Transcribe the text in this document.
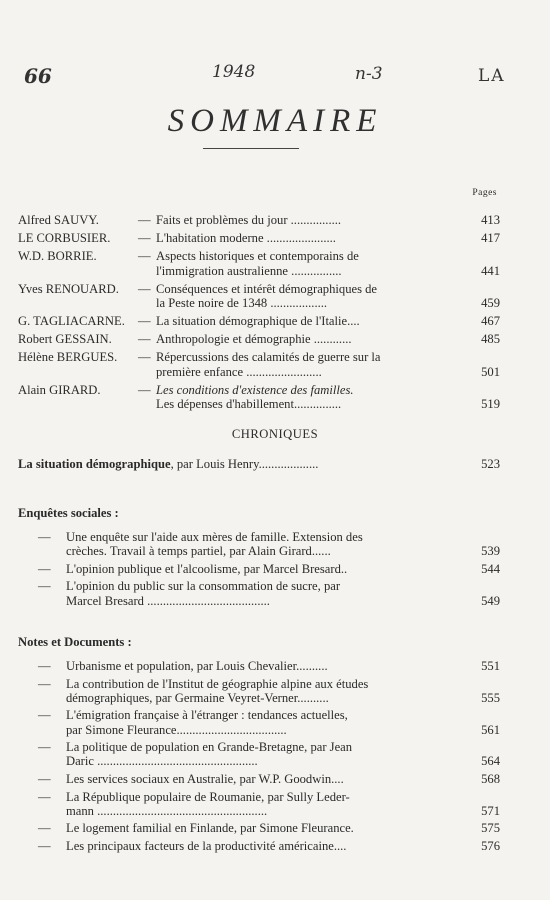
66	1948	n-3	LA
SOMMAIRE
Pages
Alfred SAUVY.	— Faits et problèmes du jour ................	413
LE CORBUSIER.	— L'habitation moderne ......................	417
W.D. BORRIE.	— Aspects historiques et contemporains de
l'immigration australienne ................	441
Yves RENOUARD.	— Conséquences et intérêt démographiques de
la Peste noire de 1348 ..................	459
G. TAGLIACARNE.	— La situation démographique de l'Italie....	467
Robert GESSAIN.	— Anthropologie et démographie ............	485
Hélène BERGUES.	— Répercussions des calamités de guerre sur la
première enfance ........................	501
Alain GIRARD.	— Les conditions d'existence des familles.
Les dépenses d'habillement...............	519
CHRONIQUES
La situation démographique, par Louis Henry...................	523
Enquêtes sociales :
—	Une enquête sur l'aide aux mères de famille. Extension des
crèches. Travail à temps partiel, par Alain Girard......	539
—	L'opinion publique et l'alcoolisme, par Marcel Bresard..	544
—	L'opinion du public sur la consommation de sucre, par
Marcel Bresard .......................................	549
Notes et Documents :
—	Urbanisme et population, par Louis Chevalier..........	551
—	La contribution de l'Institut de géographie alpine aux études
démographiques, par Germaine Veyret-Verner..........	555
—	L'émigration française à l'étranger : tendances actuelles,
par Simone Fleurance...................................	561
—	La politique de population en Grande-Bretagne, par Jean
Daric ...................................................	564
—	Les services sociaux en Australie, par W.P. Goodwin....	568
—	La République populaire de Roumanie, par Sully Leder-
mann ......................................................	571
—	Le logement familial en Finlande, par Simone Fleurance.	575
—	Les principaux facteurs de la productivité américaine....	576
